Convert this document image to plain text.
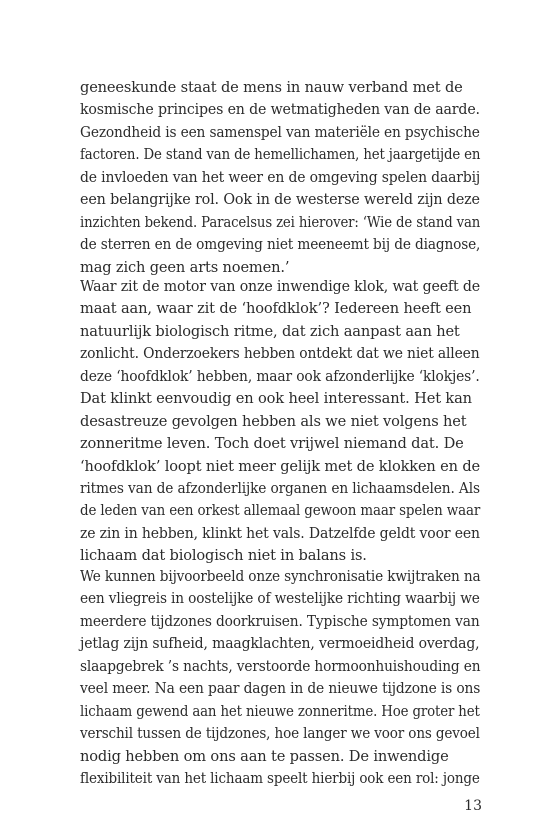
geneeskunde staat de mens in nauw verband met de
kosmische principes en de wetmatigheden van de aarde.
Gezondheid is een samenspel van materiële en psychische
factoren. De stand van de hemellichamen, het jaargetijde en
de invloeden van het weer en de omgeving spelen daarbij
een belangrijke rol. Ook in de westerse wereld zijn deze
inzichten bekend. Paracelsus zei hierover: ‘Wie de stand van
de sterren en de omgeving niet meeneemt bij de diagnose,
mag zich geen arts noemen.’
Waar zit de motor van onze inwendige klok, wat geeft de
maat aan, waar zit de ‘hoofdklok’? Iedereen heeft een
natuurlijk biologisch ritme, dat zich aanpast aan het
zonlicht. Onderzoekers hebben ontdekt dat we niet alleen
deze ‘hoofdklok’ hebben, maar ook afzonderlijke ‘klokjes’.
Dat klinkt eenvoudig en ook heel interessant. Het kan
desastreuze gevolgen hebben als we niet volgens het
zonneritme leven. Toch doet vrijwel niemand dat. De
‘hoofdklok’ loopt niet meer gelijk met de klokken en de
ritmes van de afzonderlijke organen en lichaamsdelen. Als
de leden van een orkest allemaal gewoon maar spelen waar
ze zin in hebben, klinkt het vals. Datzelfde geldt voor een
lichaam dat biologisch niet in balans is.
We kunnen bijvoorbeeld onze synchronisatie kwijtraken na
een vliegreis in oostelijke of westelijke richting waarbij we
meerdere tijdzones doorkruisen. Typische symptomen van
jetlag zijn sufheid, maagklachten, vermoeidheid overdag,
slaapgebrek ’s nachts, verstoorde hormoonhuishouding en
veel meer. Na een paar dagen in de nieuwe tijdzone is ons
lichaam gewend aan het nieuwe zonneritme. Hoe groter het
verschil tussen de tijdzones, hoe langer we voor ons gevoel
nodig hebben om ons aan te passen. De inwendige
flexibiliteit van het lichaam speelt hierbij ook een rol: jonge
13
